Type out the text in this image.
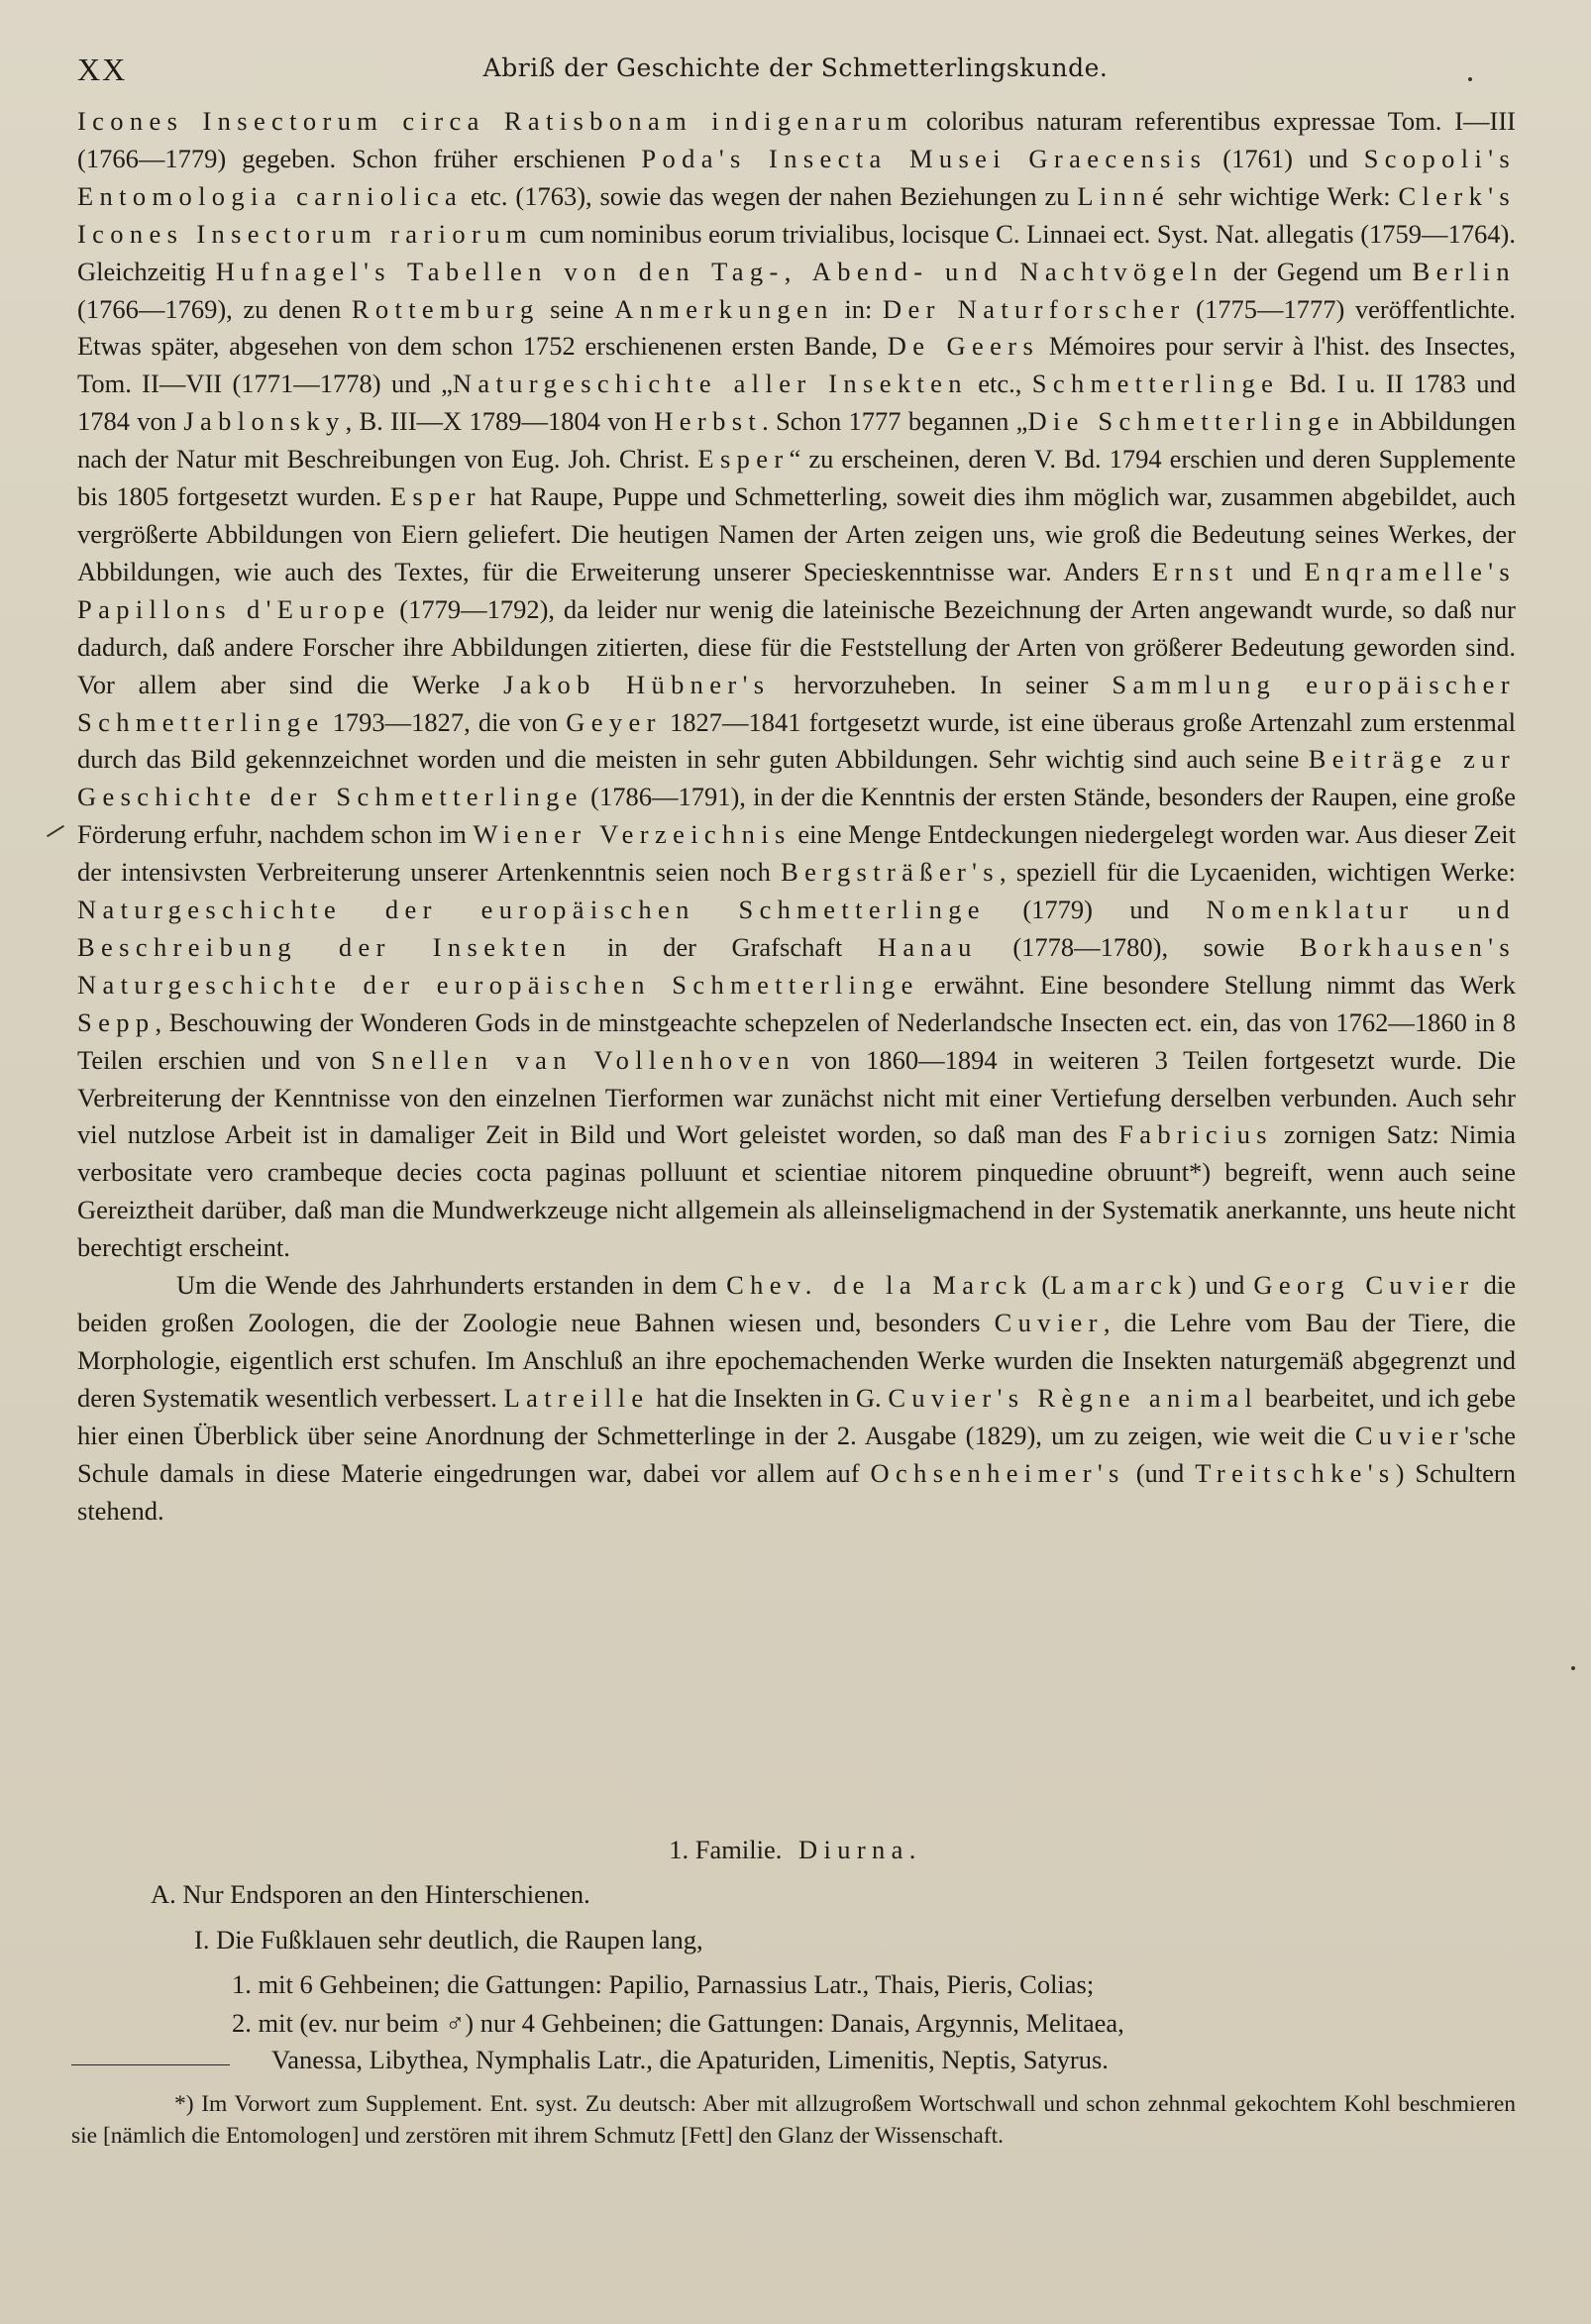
XX	Abriß der Geschichte der Schmetterlingskunde.

Icones Insectorum circa Ratisbonam indigenarum coloribus naturam referentibus expressae Tom. I—III (1766—1779) gegeben. Schon früher erschienen Poda's Insecta Musei Graecensis (1761) und Scopoli's Entomologia carniolica etc. (1763), sowie das wegen der nahen Beziehungen zu Linné sehr wichtige Werk: Clerk's Icones Insectorum rariorum cum nominibus eorum trivialibus, locisque C. Linnaei ect. Syst. Nat. allegatis (1759—1764). Gleichzeitig Hufnagel's Tabellen von den Tag-, Abend- und Nachtvögeln der Gegend um Berlin (1766—1769), zu denen Rottemburg seine Anmerkungen in: Der Naturforscher (1775—1777) veröffentlichte. Etwas später, abgesehen von dem schon 1752 erschienenen ersten Bande, De Geers Mémoires pour servir à l'hist. des Insectes, Tom. II—VII (1771—1778) und „Naturgeschichte aller Insekten etc., Schmetterlinge Bd. I u. II 1783 und 1784 von Jablonsky, B. III—X 1789—1804 von Herbst. Schon 1777 begannen „Die Schmetterlinge in Abbildungen nach der Natur mit Beschreibungen von Eug. Joh. Christ. Esper“ zu erscheinen, deren V. Bd. 1794 erschien und deren Supplemente bis 1805 fortgesetzt wurden. Esper hat Raupe, Puppe und Schmetterling, soweit dies ihm möglich war, zusammen abgebildet, auch vergrößerte Abbildungen von Eiern geliefert. Die heutigen Namen der Arten zeigen uns, wie groß die Bedeutung seines Werkes, der Abbildungen, wie auch des Textes, für die Erweiterung unserer Specieskenntnisse war. Anders Ernst und Enqramelle's Papillons d'Europe (1779—1792), da leider nur wenig die lateinische Bezeichnung der Arten angewandt wurde, so daß nur dadurch, daß andere Forscher ihre Abbildungen zitierten, diese für die Feststellung der Arten von größerer Bedeutung geworden sind. Vor allem aber sind die Werke Jakob Hübner's hervorzuheben. In seiner Sammlung europäischer Schmetterlinge 1793—1827, die von Geyer 1827—1841 fortgesetzt wurde, ist eine überaus große Artenzahl zum erstenmal durch das Bild gekennzeichnet worden und die meisten in sehr guten Abbildungen. Sehr wichtig sind auch seine Beiträge zur Geschichte der Schmetterlinge (1786—1791), in der die Kenntnis der ersten Stände, besonders der Raupen, eine große Förderung erfuhr, nachdem schon im Wiener Verzeichnis eine Menge Entdeckungen niedergelegt worden war. Aus dieser Zeit der intensivsten Verbreiterung unserer Artenkenntnis seien noch Bergsträßer's, speziell für die Lycaeniden, wichtigen Werke: Naturgeschichte der europäischen Schmetterlinge (1779) und Nomenklatur und Beschreibung der Insekten in der Grafschaft Hanau (1778—1780), sowie Borkhausen's Naturgeschichte der europäischen Schmetterlinge erwähnt. Eine besondere Stellung nimmt das Werk Sepp, Beschouwing der Wonderen Gods in de minstgeachte schepzelen of Nederlandsche Insecten ect. ein, das von 1762—1860 in 8 Teilen erschien und von Snellen van Vollenhoven von 1860—1894 in weiteren 3 Teilen fortgesetzt wurde. Die Verbreiterung der Kenntnisse von den einzelnen Tierformen war zunächst nicht mit einer Vertiefung derselben verbunden. Auch sehr viel nutzlose Arbeit ist in damaliger Zeit in Bild und Wort geleistet worden, so daß man des Fabricius zornigen Satz: Nimia verbositate vero crambeque decies cocta paginas polluunt et scientiae nitorem pinquedine obruunt*) begreift, wenn auch seine Gereiztheit darüber, daß man die Mundwerkzeuge nicht allgemein als alleinseligmachend in der Systematik anerkannte, uns heute nicht berechtigt erscheint.

Um die Wende des Jahrhunderts erstanden in dem Chev. de la Marck (Lamarck) und Georg Cuvier die beiden großen Zoologen, die der Zoologie neue Bahnen wiesen und, besonders Cuvier, die Lehre vom Bau der Tiere, die Morphologie, eigentlich erst schufen. Im Anschluß an ihre epochemachenden Werke wurden die Insekten naturgemäß abgegrenzt und deren Systematik wesentlich verbessert. Latreille hat die Insekten in G. Cuvier's Règne animal bearbeitet, und ich gebe hier einen Überblick über seine Anordnung der Schmetterlinge in der 2. Ausgabe (1829), um zu zeigen, wie weit die Cuvier'sche Schule damals in diese Materie eingedrungen war, dabei vor allem auf Ochsenheimer's (und Treitschke's) Schultern stehend.

1. Familie. Diurna.
A. Nur Endsporen an den Hinterschienen.
I. Die Fußklauen sehr deutlich, die Raupen lang,
1. mit 6 Gehbeinen; die Gattungen: Papilio, Parnassius Latr., Thais, Pieris, Colias;
2. mit (ev. nur beim ♂) nur 4 Gehbeinen; die Gattungen: Danais, Argynnis, Melitaea,
Vanessa, Libythea, Nymphalis Latr., die Apaturiden, Limenitis, Neptis, Satyrus.
*) Im Vorwort zum Supplement. Ent. syst. Zu deutsch: Aber mit allzugroßem Wortschwall und schon zehnmal gekochtem Kohl beschmieren sie [nämlich die Entomologen] und zerstören mit ihrem Schmutz [Fett] den Glanz der Wissenschaft.
